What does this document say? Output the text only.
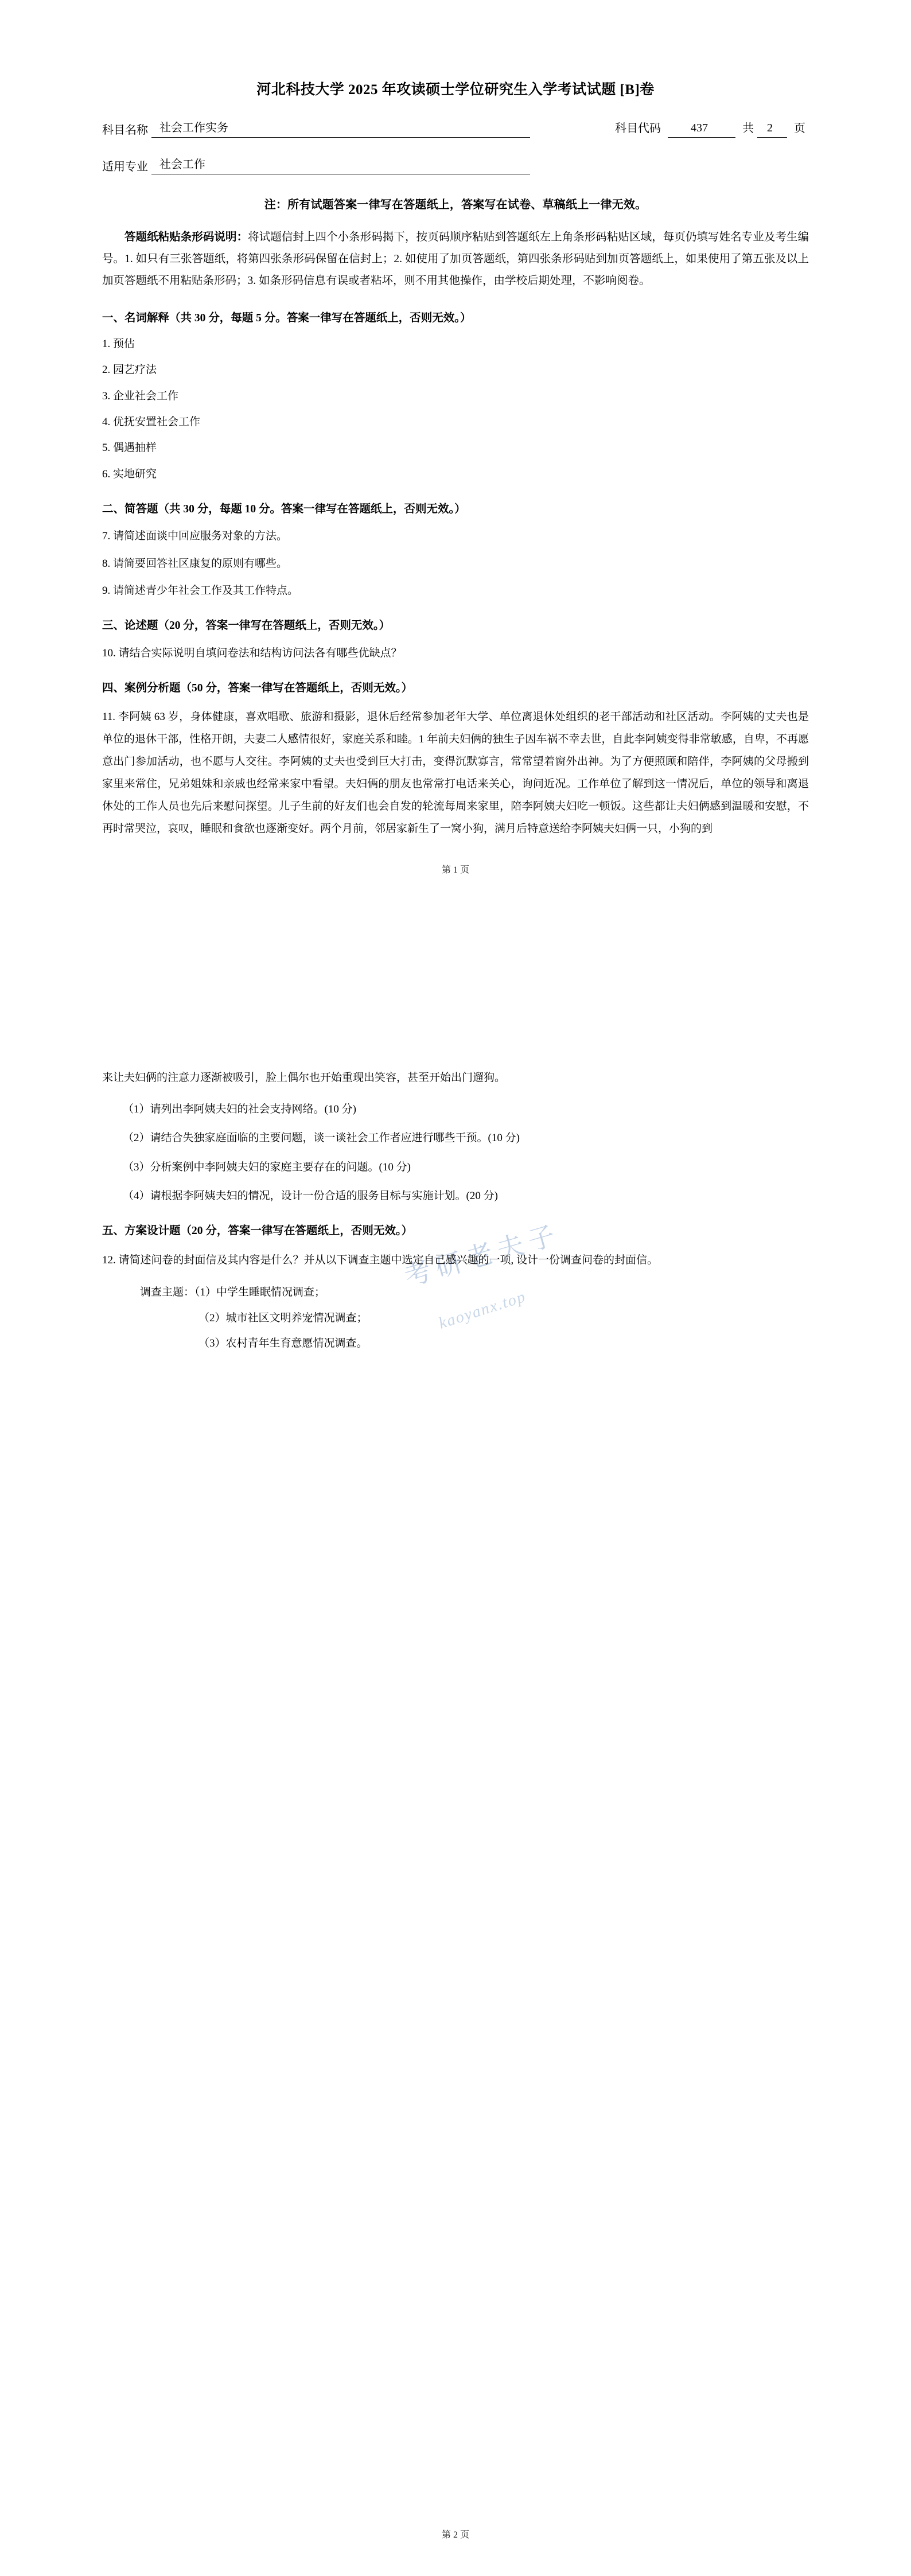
考研老夫子
kaoyanx.top
河北科技大学 2025 年攻读硕士学位研究生入学考试试题 [B]卷
科目名称	社会工作实务	科目代码	437	共	2	页
适用专业	社会工作
注：所有试题答案一律写在答题纸上，答案写在试卷、草稿纸上一律无效。
答题纸粘贴条形码说明：将试题信封上四个小条形码揭下，按页码顺序粘贴到答题纸左上角条形码粘贴区域，每页仍填写姓名专业及考生编号。1. 如只有三张答题纸，将第四张条形码保留在信封上；2. 如使用了加页答题纸，第四张条形码贴到加页答题纸上，如果使用了第五张及以上加页答题纸不用粘贴条形码；3. 如条形码信息有误或者粘坏，则不用其他操作，由学校后期处理，不影响阅卷。
一、名词解释（共 30 分，每题 5 分。答案一律写在答题纸上，否则无效。）
1. 预估
2. 园艺疗法
3. 企业社会工作
4. 优抚安置社会工作
5. 偶遇抽样
6. 实地研究
二、简答题（共 30 分，每题 10 分。答案一律写在答题纸上，否则无效。）
7. 请简述面谈中回应服务对象的方法。
8. 请简要回答社区康复的原则有哪些。
9. 请简述青少年社会工作及其工作特点。
三、论述题（20 分，答案一律写在答题纸上，否则无效。）
10. 请结合实际说明自填问卷法和结构访问法各有哪些优缺点？
四、案例分析题（50 分，答案一律写在答题纸上，否则无效。）
11. 李阿姨 63 岁，身体健康，喜欢唱歌、旅游和摄影，退休后经常参加老年大学、单位离退休处组织的老干部活动和社区活动。李阿姨的丈夫也是单位的退休干部，性格开朗，夫妻二人感情很好，家庭关系和睦。1 年前夫妇俩的独生子因车祸不幸去世，自此李阿姨变得非常敏感，自卑，不再愿意出门参加活动，也不愿与人交往。李阿姨的丈夫也受到巨大打击，变得沉默寡言，常常望着窗外出神。为了方便照顾和陪伴，李阿姨的父母搬到家里来常住，兄弟姐妹和亲戚也经常来家中看望。夫妇俩的朋友也常常打电话来关心，询问近况。工作单位了解到这一情况后，单位的领导和离退休处的工作人员也先后来慰问探望。儿子生前的好友们也会自发的轮流每周来家里，陪李阿姨夫妇吃一顿饭。这些都让夫妇俩感到温暖和安慰，不再时常哭泣，哀叹，睡眠和食欲也逐渐变好。两个月前，邻居家新生了一窝小狗，满月后特意送给李阿姨夫妇俩一只，小狗的到
第 1 页
来让夫妇俩的注意力逐渐被吸引，脸上偶尔也开始重现出笑容，甚至开始出门遛狗。
（1）请列出李阿姨夫妇的社会支持网络。(10 分)
（2）请结合失独家庭面临的主要问题，谈一谈社会工作者应进行哪些干预。(10 分)
（3）分析案例中李阿姨夫妇的家庭主要存在的问题。(10 分)
（4）请根据李阿姨夫妇的情况，设计一份合适的服务目标与实施计划。(20 分)
五、方案设计题（20 分，答案一律写在答题纸上，否则无效。）
12. 请简述问卷的封面信及其内容是什么？并从以下调查主题中选定自己感兴趣的一项, 设计一份调查问卷的封面信。
调查主题：（1）中学生睡眠情况调查；
（2）城市社区文明养宠情况调查；
（3）农村青年生育意愿情况调查。
第 2 页
